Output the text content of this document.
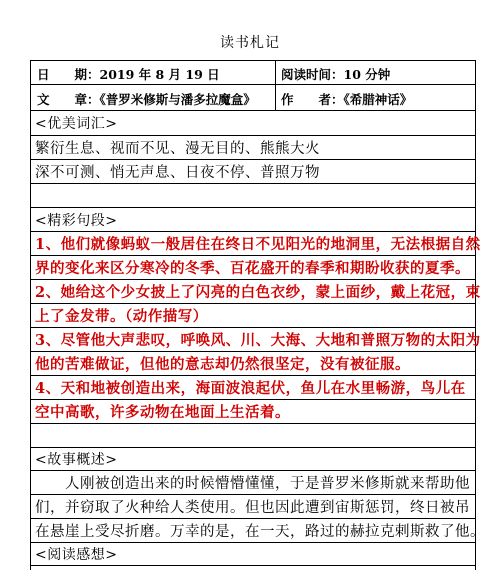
读书札记
日　　期：2019 年 8 月 19 日	阅读时间：10 分钟
文　　章：《普罗米修斯与潘多拉魔盒》 作　　者：《希腊神话》
<优美词汇>
繁衍生息、视而不见、漫无目的、熊熊大火
深不可测、悄无声息、日夜不停、普照万物
<精彩句段>
1、他们就像蚂蚁一般居住在终日不见阳光的地洞里，无法根据自然
界的变化来区分寒冷的冬季、百花盛开的春季和期盼收获的夏季。
2、她给这个少女披上了闪亮的白色衣纱，蒙上面纱，戴上花冠，束
上了金发带。（动作描写）
3、尽管他大声悲叹，呼唤风、川、大海、大地和普照万物的太阳为
他的苦难做证，但他的意志却仍然很坚定，没有被征服。
4、天和地被创造出来，海面波浪起伏，鱼儿在水里畅游，鸟儿在
空中高歌，许多动物在地面上生活着。
<故事概述>
　　人刚被创造出来的时候懵懵懂懂，于是普罗米修斯就来帮助他
们，并窃取了火种给人类使用。但也因此遭到宙斯惩罚，终日被吊
在悬崖上受尽折磨。万幸的是，在一天，路过的赫拉克剌斯救了他。
<阅读感想>
